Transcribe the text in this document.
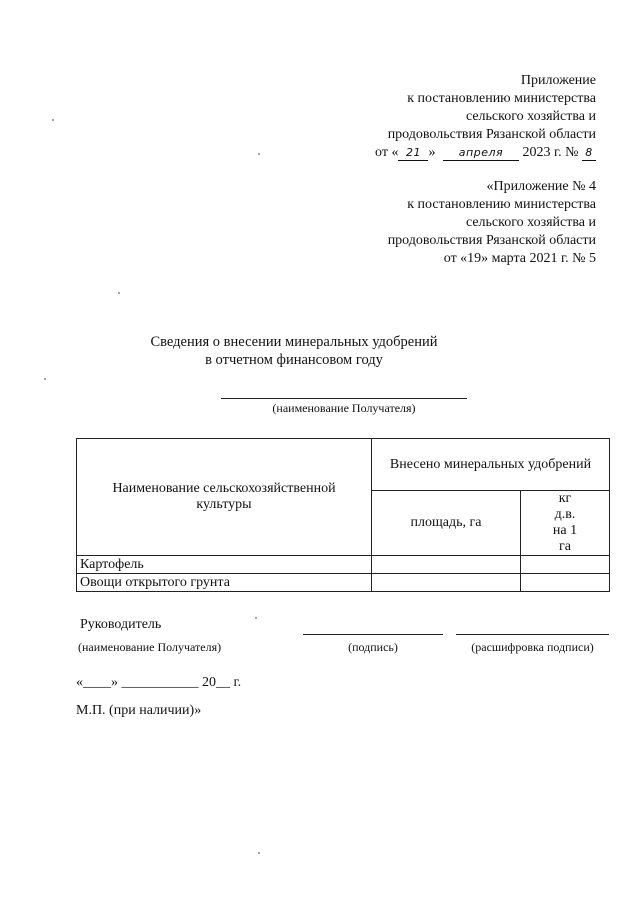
Приложение
к постановлению министерства
сельского хозяйства и
продовольствия Рязанской области
от « 21 » апреля 2023 г. № 8
«Приложение № 4
к постановлению министерства
сельского хозяйства и
продовольствия Рязанской области
от «19» марта 2021 г. № 5
Сведения о внесении минеральных удобрений
в отчетном финансовом году
(наименование Получателя)
Наименование сельскохозяйственной культуры	Внесено минеральных удобрений	
	площадь, га	кг д.в. на 1 га
Картофель		
Овощи открытого грунта		
Руководитель
(наименование Получателя)	(подпись)	(расшифровка подписи)
«____» ___________ 20__ г.
М.П. (при наличии)»
